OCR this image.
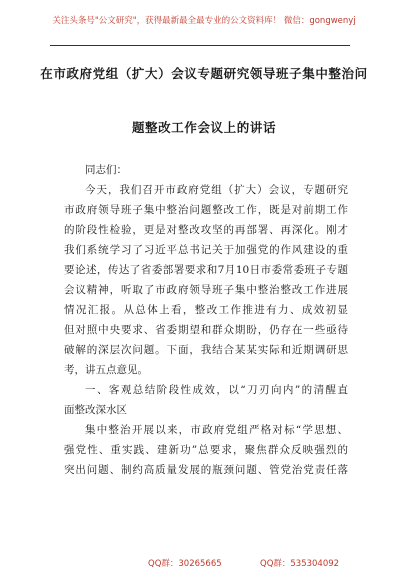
关注头条号"公文研究"，获得最新最全最专业的公文资料库！ 微信：gongwenyj
在市政府党组（扩大）会议专题研究领导班子集中整治问
题整改工作会议上的讲话
同志们：
今天，我们召开市政府党组（扩大）会议，专题研究
市政府领导班子集中整治问题整改工作，既是对前期工作
的阶段性检验，更是对整改攻坚的再部署、再深化。刚才
我们系统学习了习近平总书记关于加强党的作风建设的重
要论述，传达了省委部署要求和7月10日市委常委班子专题
会议精神，听取了市政府领导班子集中整治整改工作进展
情况汇报。从总体上看，整改工作推进有力、成效初显
但对照中央要求、省委期望和群众期盼，仍存在一些亟待
破解的深层次问题。下面，我结合某某实际和近期调研思
考，讲五点意见。
一、客观总结阶段性成效，以“刀刃向内”的清醒直
面整改深水区
集中整治开展以来，市政府党组严格对标“学思想、
强党性、重实践、建新功”总要求，聚焦群众反映强烈的
突出问题、制约高质量发展的瓶颈问题、管党治党责任落
QQ群：30265665	QQ群：535304092
